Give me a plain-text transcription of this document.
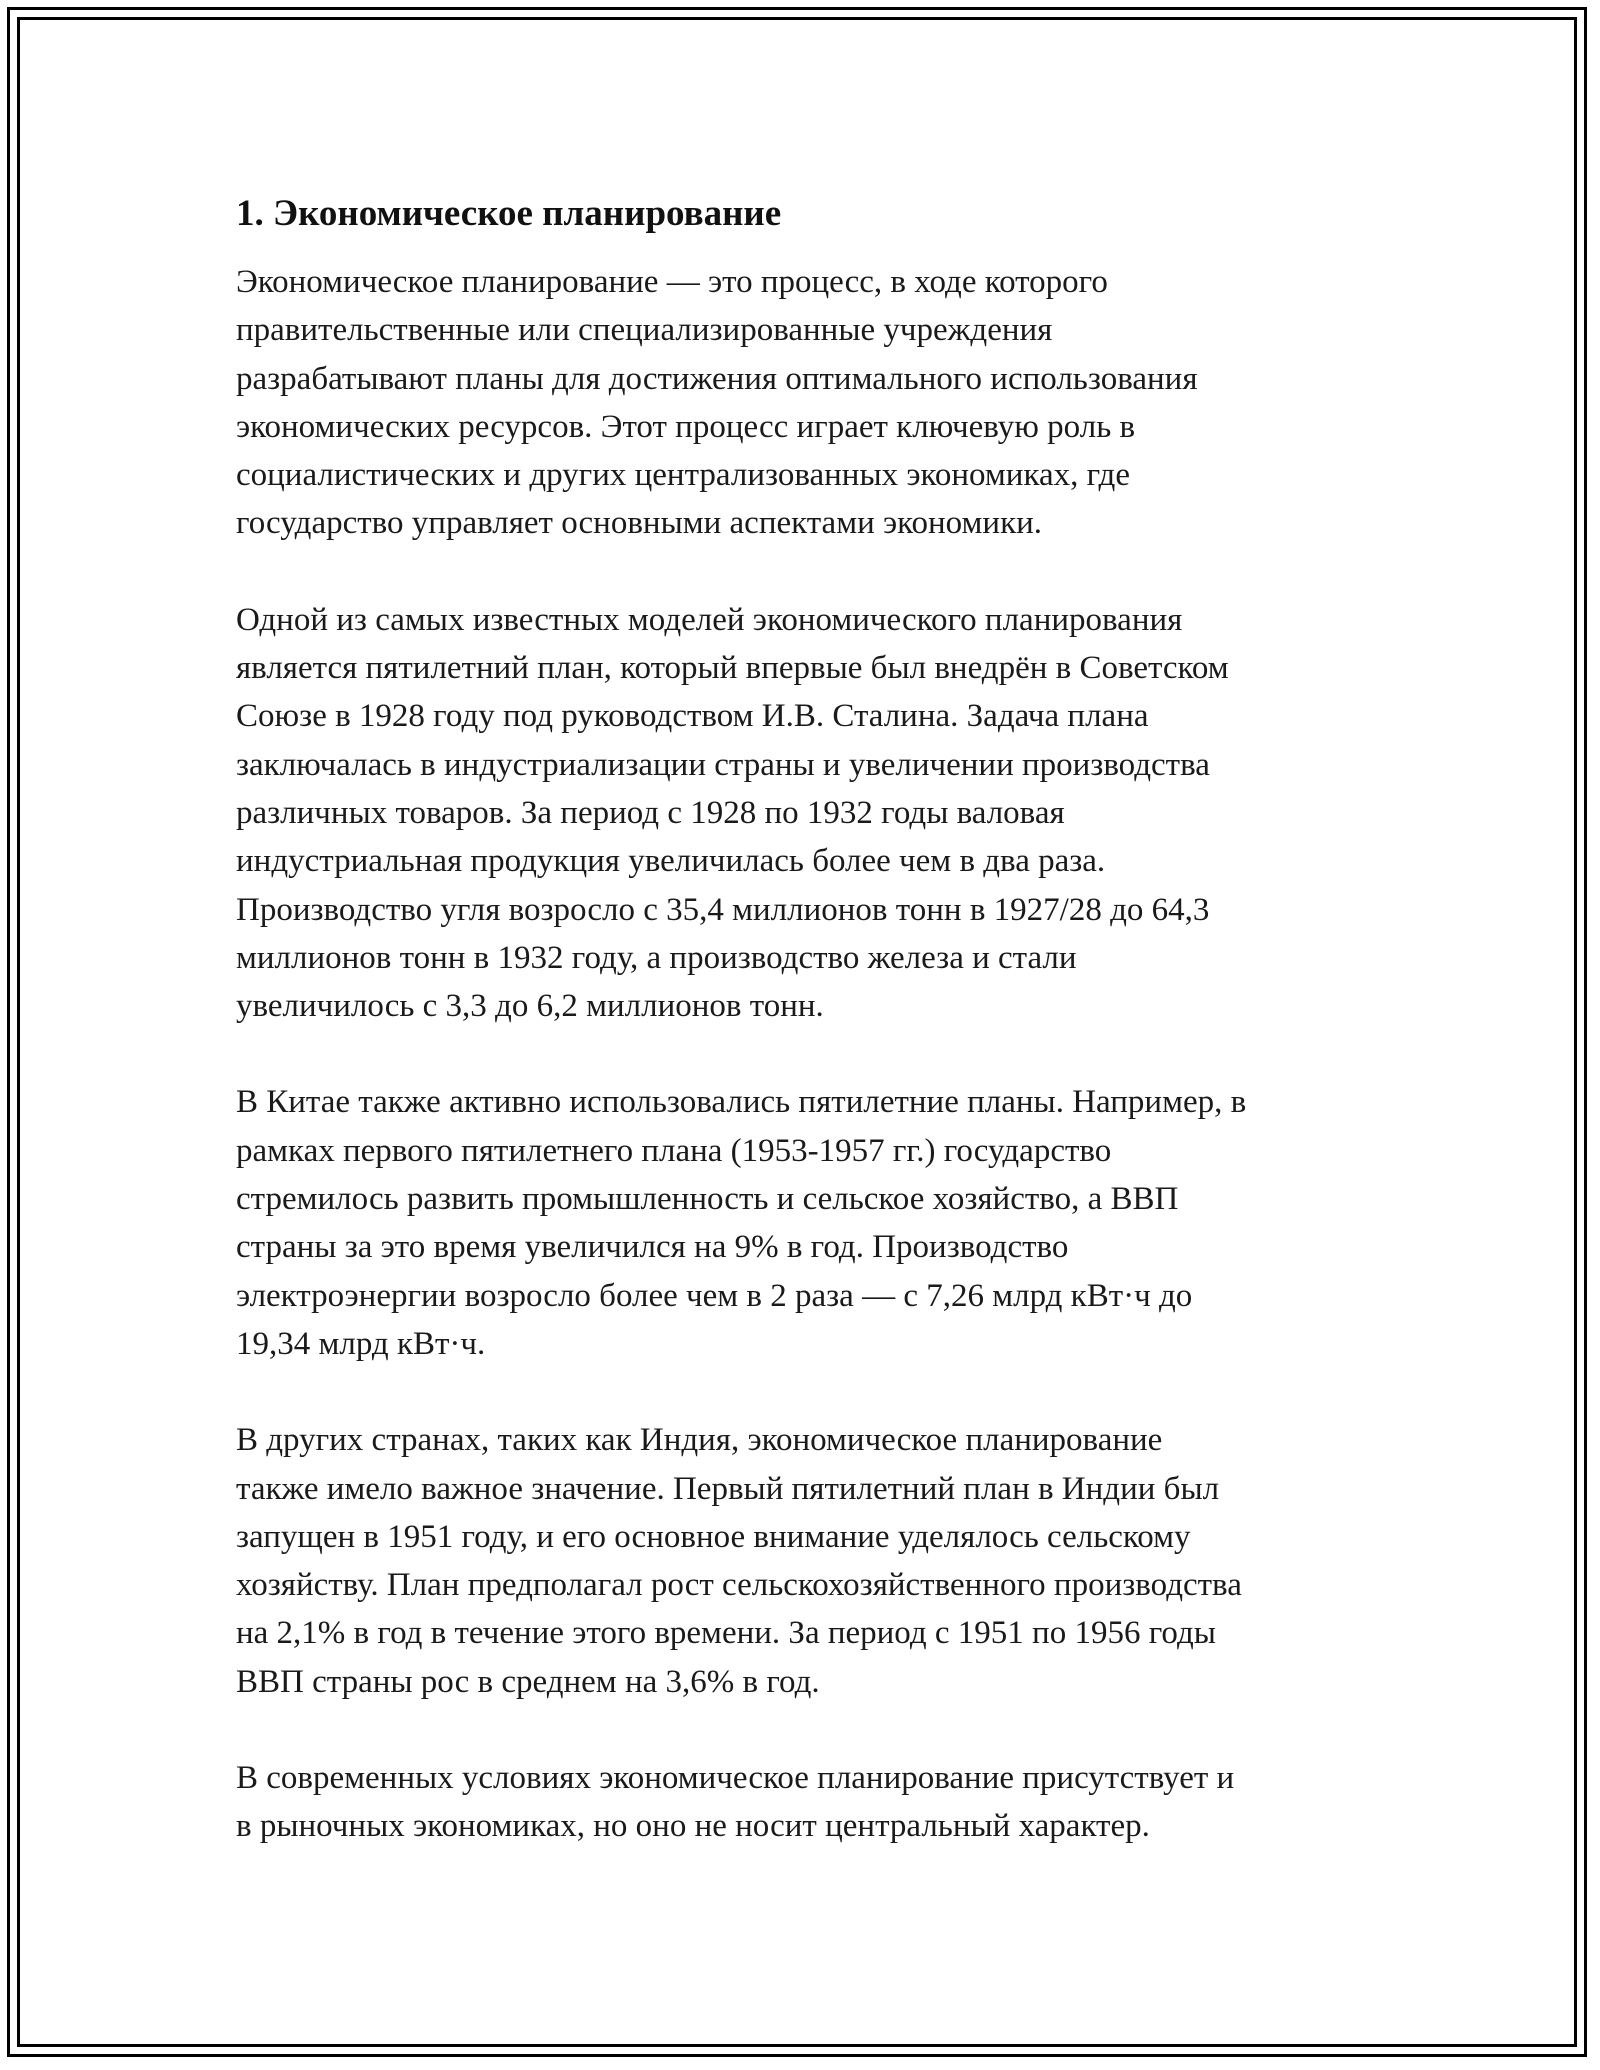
1. Экономическое планирование

Экономическое планирование — это процесс, в ходе которого
правительственные или специализированные учреждения
разрабатывают планы для достижения оптимального использования
экономических ресурсов. Этот процесс играет ключевую роль в
социалистических и других централизованных экономиках, где
государство управляет основными аспектами экономики.

Одной из самых известных моделей экономического планирования
является пятилетний план, который впервые был внедрён в Советском
Союзе в 1928 году под руководством И.В. Сталина. Задача плана
заключалась в индустриализации страны и увеличении производства
различных товаров. За период с 1928 по 1932 годы валовая
индустриальная продукция увеличилась более чем в два раза.
Производство угля возросло с 35,4 миллионов тонн в 1927/28 до 64,3
миллионов тонн в 1932 году, а производство железа и стали
увеличилось с 3,3 до 6,2 миллионов тонн.

В Китае также активно использовались пятилетние планы. Например, в
рамках первого пятилетнего плана (1953-1957 гг.) государство
стремилось развить промышленность и сельское хозяйство, а ВВП
страны за это время увеличился на 9% в год. Производство
электроэнергии возросло более чем в 2 раза — с 7,26 млрд кВт·ч до
19,34 млрд кВт·ч.

В других странах, таких как Индия, экономическое планирование
также имело важное значение. Первый пятилетний план в Индии был
запущен в 1951 году, и его основное внимание уделялось сельскому
хозяйству. План предполагал рост сельскохозяйственного производства
на 2,1% в год в течение этого времени. За период с 1951 по 1956 годы
ВВП страны рос в среднем на 3,6% в год.

В современных условиях экономическое планирование присутствует и
в рыночных экономиках, но оно не носит центральный характер.
